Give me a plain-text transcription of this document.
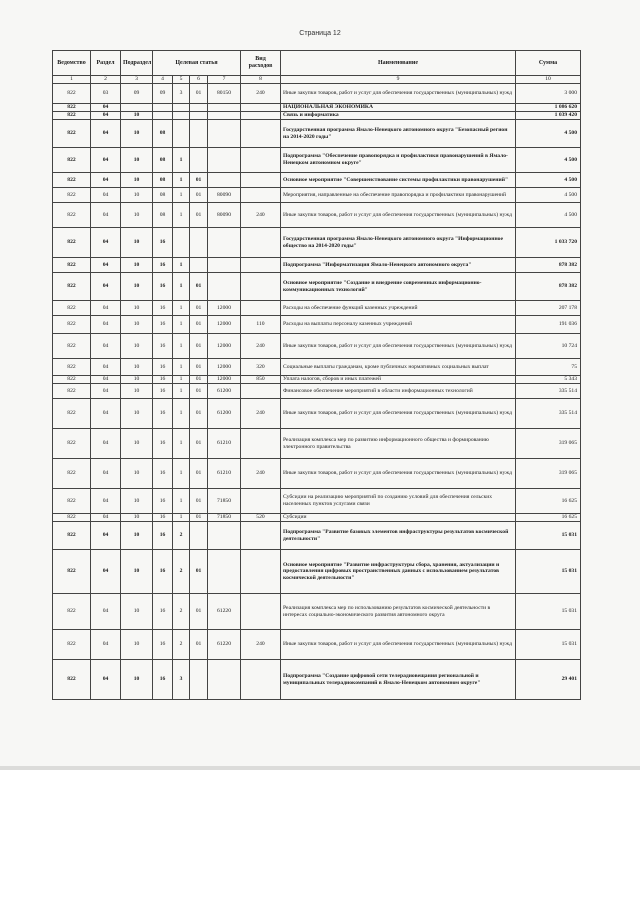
Страница 12
Ведомство	Раздел	Подраздел	Целевая статья				Вид расходов	Наименование	Сумма
1	2	3	4	5	6	7	8	9	10
822	03	09	09	3	01	80150	240	Иные закупки товаров, работ и услуг для обеспечения государственных (муниципальных) нужд	3 000
822	04							НАЦИОНАЛЬНАЯ ЭКОНОМИКА	1 086 620
822	04	10						Связь и информатика	1 039 420
822	04	10	08					Государственная программа Ямало-Ненецкого автономного округа "Безопасный регион на 2014-2020 годы"	4 500
822	04	10	08	1				Подпрограмма "Обеспечение правопорядка и профилактики правонарушений в Ямало-Ненецком автономном округе"	4 500
822	04	10	08	1	01			Основное мероприятие "Совершенствование системы профилактики правонарушений"	4 500
822	04	10	08	1	01	80090		Мероприятия, направленные на обеспечение правопорядка и профилактики правонарушений	4 500
822	04	10	08	1	01	80090	240	Иные закупки товаров, работ и услуг для обеспечения государственных (муниципальных) нужд	4 500
822	04	10	16					Государственная программа Ямало-Ненецкого автономного округа "Информационное общество на 2014-2020 годы"	1 033 720
822	04	10	16	1				Подпрограмма "Информатизация Ямало-Ненецкого автономного округа"	878 382
822	04	10	16	1	01			Основное мероприятие "Создание и внедрение современных информационно-коммуникационных технологий"	878 382
822	04	10	16	1	01	12000		Расходы на обеспечение функций казенных учреждений	207 178
822	04	10	16	1	01	12000	110	Расходы на выплаты персоналу казенных учреждений	191 036
822	04	10	16	1	01	12000	240	Иные закупки товаров, работ и услуг для обеспечения государственных (муниципальных) нужд	10 724
822	04	10	16	1	01	12000	320	Социальные выплаты гражданам, кроме публичных нормативных социальных выплат	75
822	04	10	16	1	01	12000	850	Уплата налогов, сборов и иных платежей	5 343
822	04	10	16	1	01	61200		Финансовое обеспечение мероприятий в области информационных технологий	335 514
822	04	10	16	1	01	61200	240	Иные закупки товаров, работ и услуг для обеспечения государственных (муниципальных) нужд	335 514
822	04	10	16	1	01	61210		Реализация комплекса мер по развитию информационного общества и формированию электронного правительства	319 065
822	04	10	16	1	01	61210	240	Иные закупки товаров, работ и услуг для обеспечения государственных (муниципальных) нужд	319 065
822	04	10	16	1	01	71850		Субсидии на реализацию мероприятий по созданию условий для обеспечения сельских населенных пунктов услугами связи	16 625
822	04	10	16	1	01	71850	520	Субсидии	16 625
822	04	10	16	2				Подпрограмма "Развитие базовых элементов инфраструктуры результатов космической деятельности"	15 031
822	04	10	16	2	01			Основное мероприятие "Развитие инфраструктуры сбора, хранения, актуализации и предоставления цифровых пространственных данных с использованием результатов космической деятельности"	15 031
822	04	10	16	2	01	61220		Реализация комплекса мер по использованию результатов космической деятельности в интересах социально-экономического развития автономного округа	15 031
822	04	10	16	2	01	61220	240	Иные закупки товаров, работ и услуг для обеспечения государственных (муниципальных) нужд	15 031
822	04	10	16	3				Подпрограмма "Создание цифровой сети телерадиовещания региональной и муниципальных телерадиокомпаний в Ямало-Ненецком автономном округе"	29 401
